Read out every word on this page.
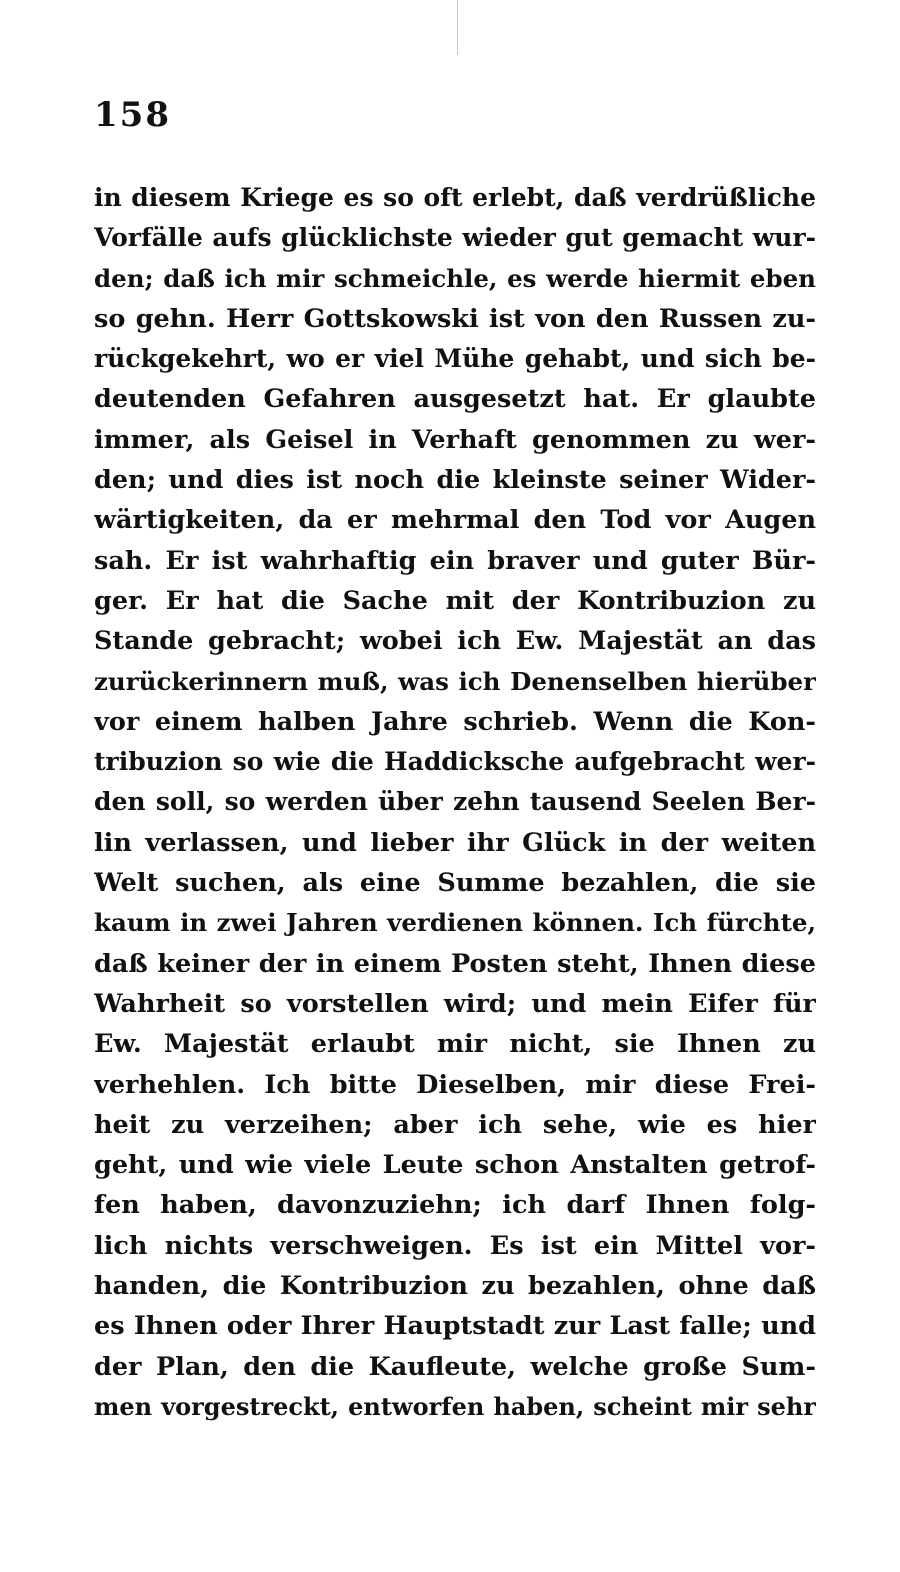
158
in diesem Kriege es so oft erlebt, daß verdrüßliche
Vorfälle aufs glücklichste wieder gut gemacht wur-
den; daß ich mir schmeichle, es werde hiermit eben
so gehn. Herr Gottskowski ist von den Russen zu-
rückgekehrt, wo er viel Mühe gehabt, und sich be-
deutenden Gefahren ausgesetzt hat. Er glaubte
immer, als Geisel in Verhaft genommen zu wer-
den; und dies ist noch die kleinste seiner Wider-
wärtigkeiten, da er mehrmal den Tod vor Augen
sah. Er ist wahrhaftig ein braver und guter Bür-
ger. Er hat die Sache mit der Kontribuzion zu
Stande gebracht; wobei ich Ew. Majestät an das
zurückerinnern muß, was ich Denenselben hierüber
vor einem halben Jahre schrieb. Wenn die Kon-
tribuzion so wie die Haddicksche aufgebracht wer-
den soll, so werden über zehn tausend Seelen Ber-
lin verlassen, und lieber ihr Glück in der weiten
Welt suchen, als eine Summe bezahlen, die sie
kaum in zwei Jahren verdienen können. Ich fürchte,
daß keiner der in einem Posten steht, Ihnen diese
Wahrheit so vorstellen wird; und mein Eifer für
Ew. Majestät erlaubt mir nicht, sie Ihnen zu
verhehlen. Ich bitte Dieselben, mir diese Frei-
heit zu verzeihen; aber ich sehe, wie es hier
geht, und wie viele Leute schon Anstalten getrof-
fen haben, davonzuziehn; ich darf Ihnen folg-
lich nichts verschweigen. Es ist ein Mittel vor-
handen, die Kontribuzion zu bezahlen, ohne daß
es Ihnen oder Ihrer Hauptstadt zur Last falle; und
der Plan, den die Kaufleute, welche große Sum-
men vorgestreckt, entworfen haben, scheint mir sehr
